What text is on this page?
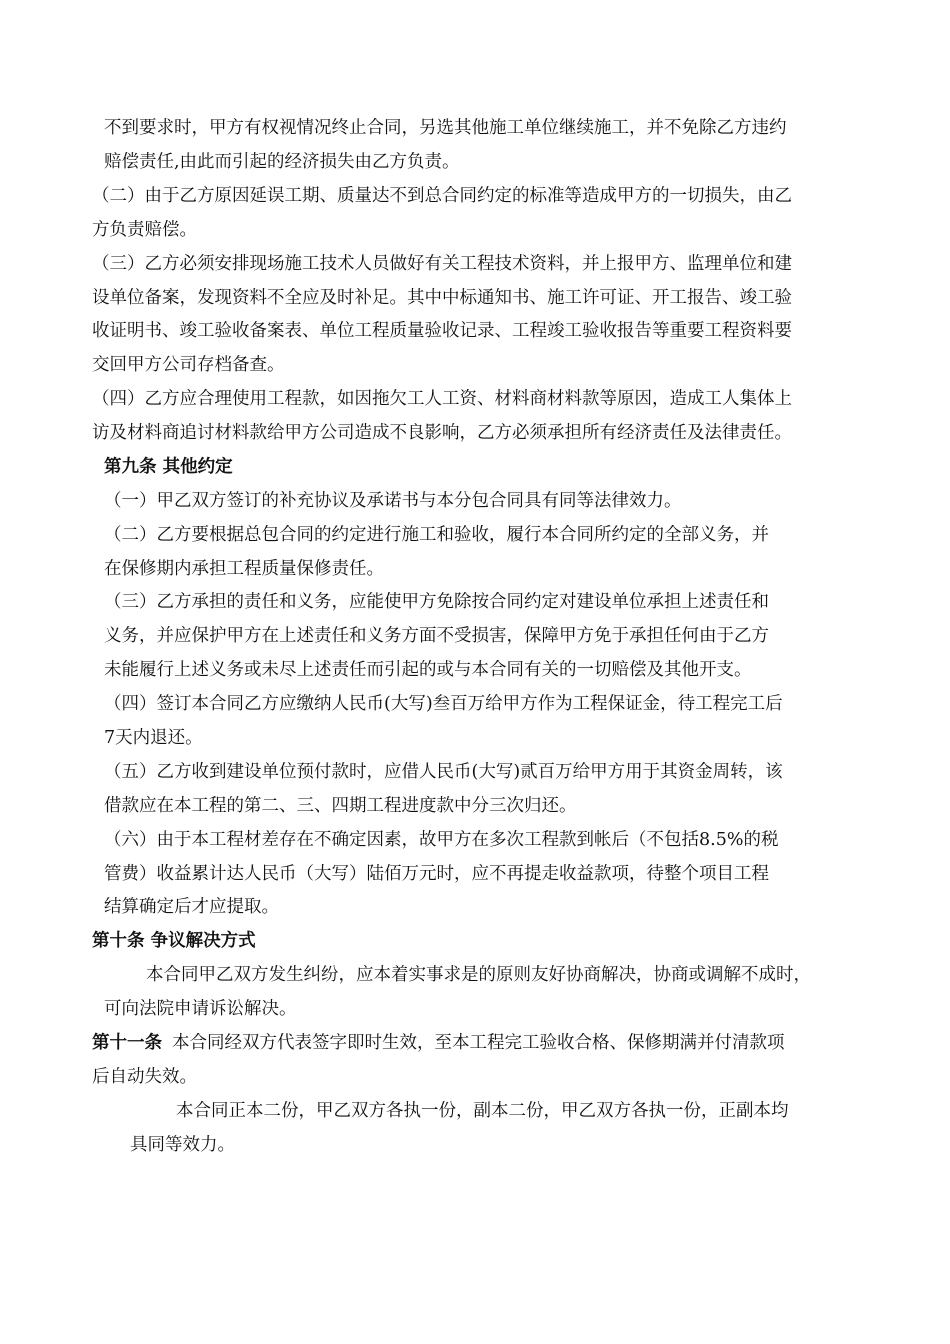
不到要求时，甲方有权视情况终止合同，另选其他施工单位继续施工，并不免除乙方违约
赔偿责任,由此而引起的经济损失由乙方负责。
（二）由于乙方原因延误工期、质量达不到总合同约定的标准等造成甲方的一切损失，由乙
方负责赔偿。
（三）乙方必须安排现场施工技术人员做好有关工程技术资料，并上报甲方、监理单位和建
设单位备案，发现资料不全应及时补足。其中中标通知书、施工许可证、开工报告、竣工验
收证明书、竣工验收备案表、单位工程质量验收记录、工程竣工验收报告等重要工程资料要
交回甲方公司存档备查。
（四）乙方应合理使用工程款，如因拖欠工人工资、材料商材料款等原因，造成工人集体上
访及材料商追讨材料款给甲方公司造成不良影响，乙方必须承担所有经济责任及法律责任。
第九条 其他约定
（一）甲乙双方签订的补充协议及承诺书与本分包合同具有同等法律效力。
（二）乙方要根据总包合同的约定进行施工和验收，履行本合同所约定的全部义务，并
在保修期内承担工程质量保修责任。
（三）乙方承担的责任和义务，应能使甲方免除按合同约定对建设单位承担上述责任和
义务，并应保护甲方在上述责任和义务方面不受损害，保障甲方免于承担任何由于乙方
未能履行上述义务或未尽上述责任而引起的或与本合同有关的一切赔偿及其他开支。
（四）签订本合同乙方应缴纳人民币(大写)叁百万给甲方作为工程保证金，待工程完工后
7天内退还。
（五）乙方收到建设单位预付款时，应借人民币(大写)贰百万给甲方用于其资金周转，该
借款应在本工程的第二、三、四期工程进度款中分三次归还。
（六）由于本工程材差存在不确定因素，故甲方在多次工程款到帐后（不包括8.5%的税
管费）收益累计达人民币（大写）陆佰万元时，应不再提走收益款项，待整个项目工程
结算确定后才应提取。
第十条 争议解决方式
本合同甲乙双方发生纠纷，应本着实事求是的原则友好协商解决，协商或调解不成时，
可向法院申请诉讼解决。
第十一条 本合同经双方代表签字即时生效，至本工程完工验收合格、保修期满并付清款项
后自动失效。
本合同正本二份，甲乙双方各执一份，副本二份，甲乙双方各执一份，正副本均
具同等效力。
